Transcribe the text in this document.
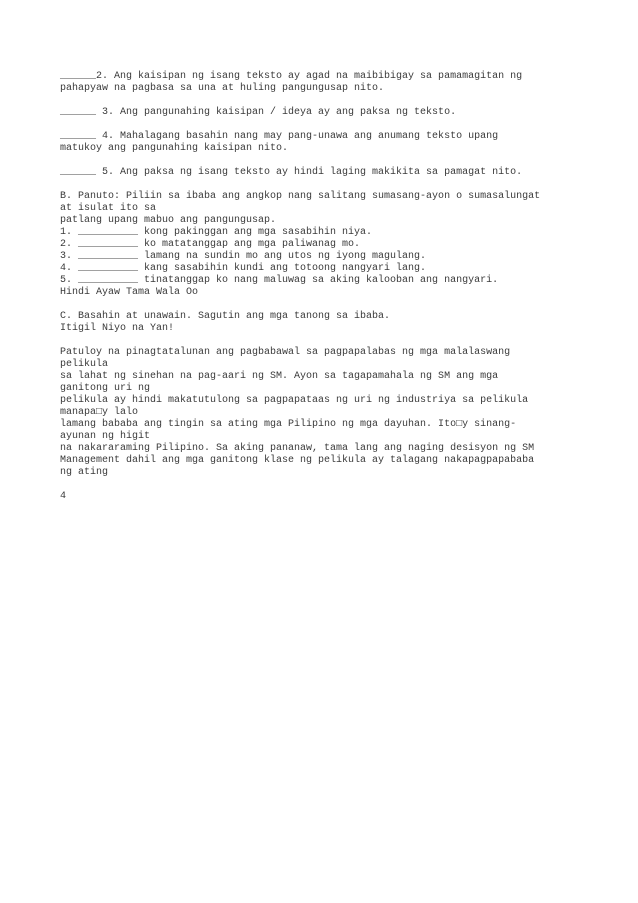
______2. Ang kaisipan ng isang teksto ay agad na maibibigay sa pamamagitan ng
pahapyaw na pagbasa sa una at huling pangungusap nito.
______ 3. Ang pangunahing kaisipan / ideya ay ang paksa ng teksto.
______ 4. Mahalagang basahin nang may pang-unawa ang anumang teksto upang
matukoy ang pangunahing kaisipan nito.
______ 5. Ang paksa ng isang teksto ay hindi laging makikita sa pamagat nito.
B. Panuto: Piliin sa ibaba ang angkop nang salitang sumasang-ayon o sumasalungat
at isulat ito sa
patlang upang mabuo ang pangungusap.
1. __________ kong pakinggan ang mga sasabihin niya.
2. __________ ko matatanggap ang mga paliwanag mo.
3. __________ lamang na sundin mo ang utos ng iyong magulang.
4. __________ kang sasabihin kundi ang totoong nangyari lang.
5. __________ tinatanggap ko nang maluwag sa aking kalooban ang nangyari.
Hindi Ayaw Tama Wala Oo
C. Basahin at unawain. Sagutin ang mga tanong sa ibaba.
Itigil Niyo na Yan!
Patuloy na pinagtatalunan ang pagbabawal sa pagpapalabas ng mga malalaswang
pelikula
sa lahat ng sinehan na pag-aari ng SM. Ayon sa tagapamahala ng SM ang mga
ganitong uri ng
pelikula ay hindi makatutulong sa pagpapataas ng uri ng industriya sa pelikula
manapa□y lalo
lamang bababa ang tingin sa ating mga Pilipino ng mga dayuhan. Ito□y sinang-
ayunan ng higit
na nakararaming Pilipino. Sa aking pananaw, tama lang ang naging desisyon ng SM
Management dahil ang mga ganitong klase ng pelikula ay talagang nakapagpapababa
ng ating
4
